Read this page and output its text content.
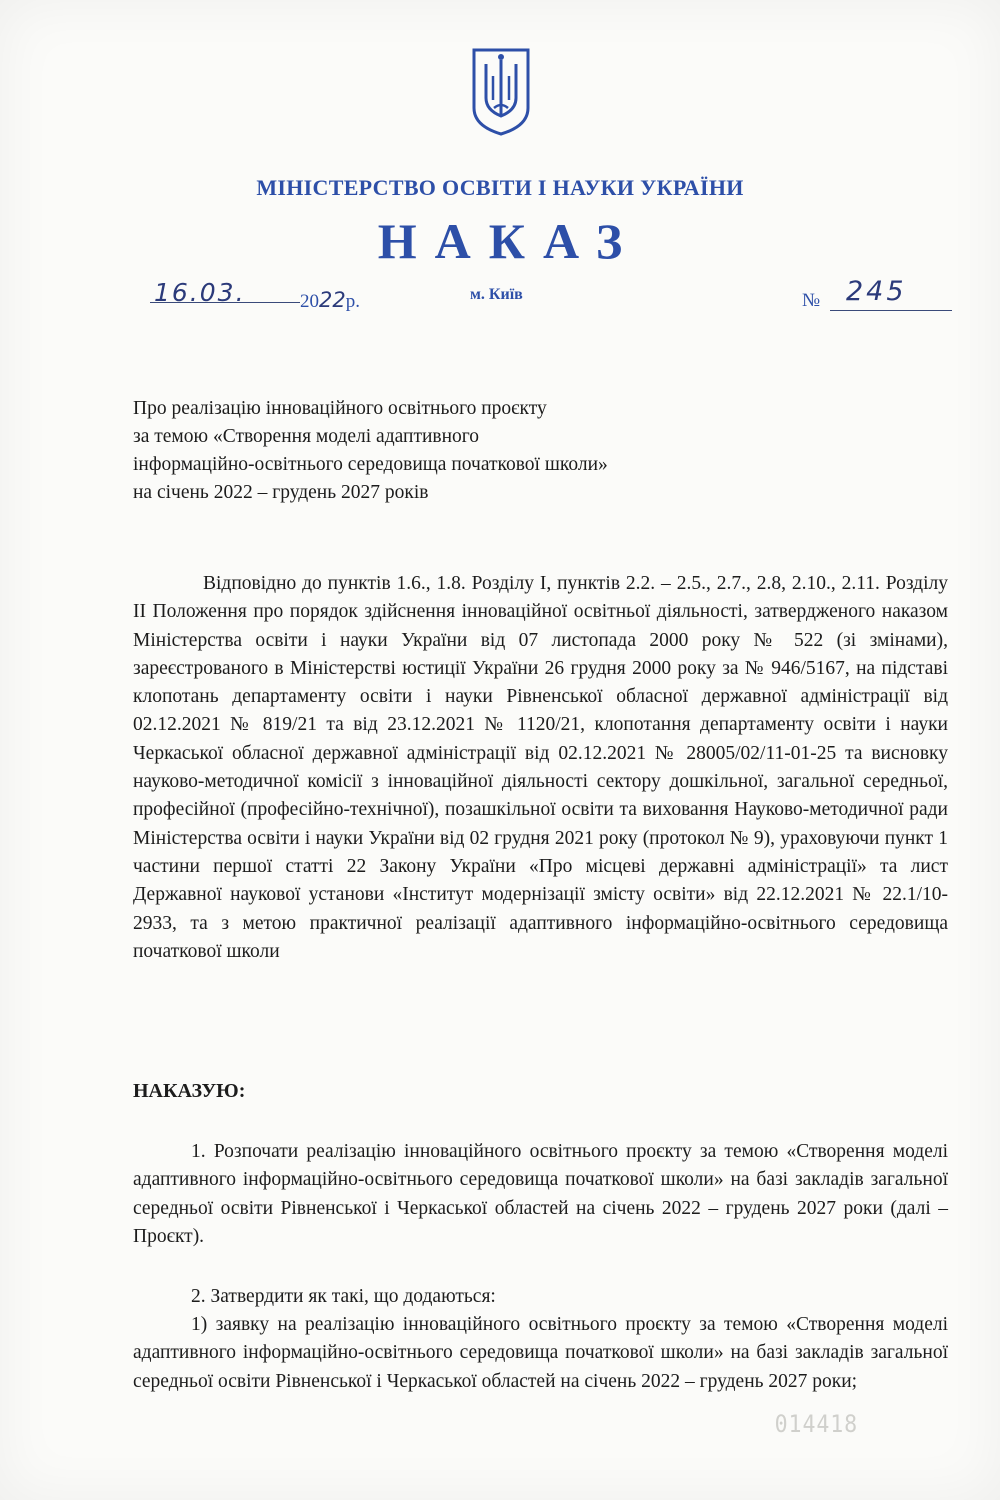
МІНІСТЕРСТВО ОСВІТИ І НАУКИ УКРАЇНИ
НАКАЗ
16.03.	2022р.	м. Київ	№ 245
Про реалізацію інноваційного освітнього проєкту
за темою «Створення моделі адаптивного
інформаційно-освітнього середовища початкової школи»
на січень 2022 – грудень 2027 років
Відповідно до пунктів 1.6., 1.8. Розділу І, пунктів 2.2. – 2.5., 2.7., 2.8, 2.10., 2.11. Розділу ІІ Положення про порядок здійснення інноваційної освітньої діяльності, затвердженого наказом Міністерства освіти і науки України від 07 листопада 2000 року № 522 (зі змінами), зареєстрованого в Міністерстві юстиції України 26 грудня 2000 року за № 946/5167, на підставі клопотань департаменту освіти і науки Рівненської обласної державної адміністрації від 02.12.2021 № 819/21 та від 23.12.2021 № 1120/21, клопотання департаменту освіти і науки Черкаської обласної державної адміністрації від 02.12.2021 № 28005/02/11-01-25 та висновку науково-методичної комісії з інноваційної діяльності сектору дошкільної, загальної середньої, професійної (професійно-технічної), позашкільної освіти та виховання Науково-методичної ради Міністерства освіти і науки України від 02 грудня 2021 року (протокол № 9), ураховуючи пункт 1 частини першої статті 22 Закону України «Про місцеві державні адміністрації» та лист Державної наукової установи «Інститут модернізації змісту освіти» від 22.12.2021 № 22.1/10-2933, та з метою практичної реалізації адаптивного інформаційно-освітнього середовища початкової школи
НАКАЗУЮ:
1. Розпочати реалізацію інноваційного освітнього проєкту за темою «Створення моделі адаптивного інформаційно-освітнього середовища початкової школи» на базі закладів загальної середньої освіти Рівненської і Черкаської областей на січень 2022 – грудень 2027 роки (далі – Проєкт).
2. Затвердити як такі, що додаються:
1) заявку на реалізацію інноваційного освітнього проєкту за темою «Створення моделі адаптивного інформаційно-освітнього середовища початкової школи» на базі закладів загальної середньої освіти Рівненської і Черкаської областей на січень 2022 – грудень 2027 роки;
014418
